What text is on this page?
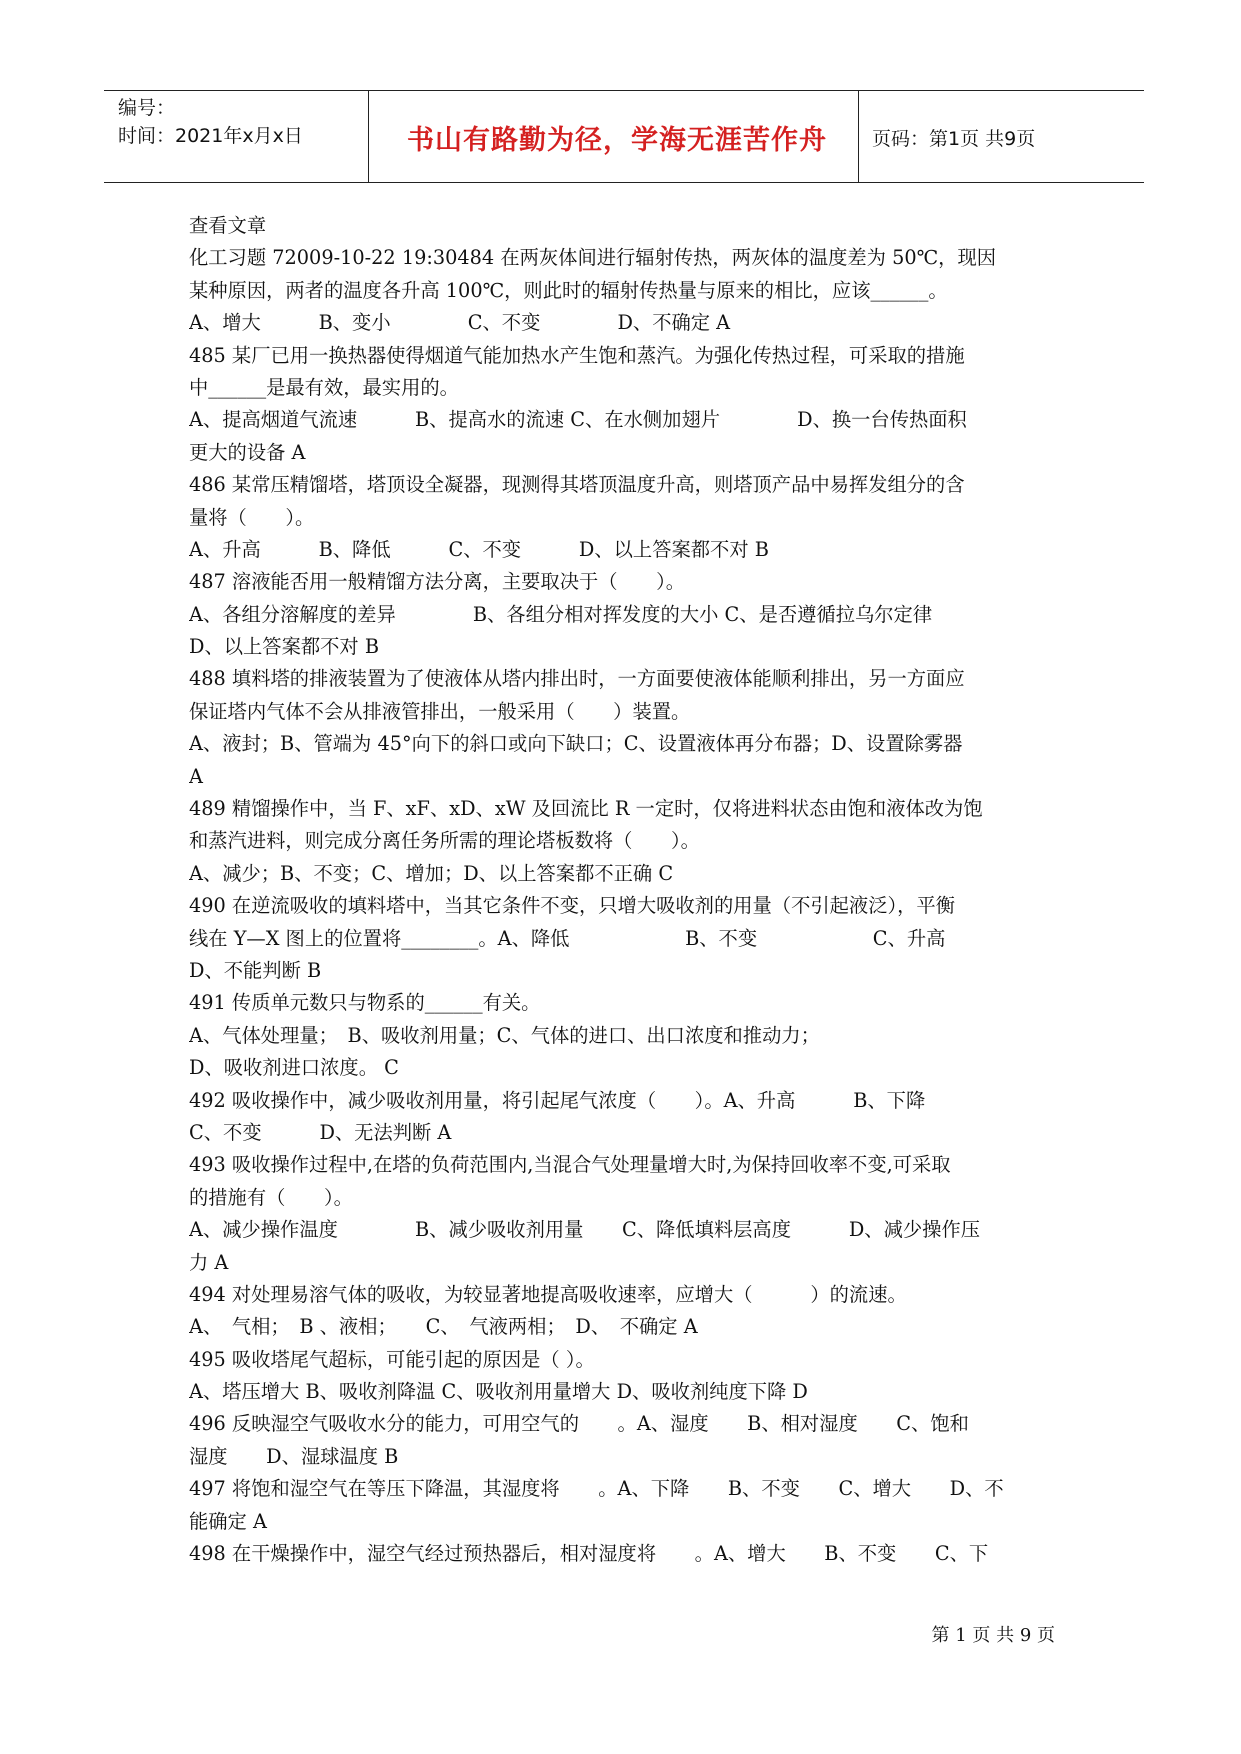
编号：
时间：2021年x月x日	书山有路勤为径，学海无涯苦作舟	页码：第1页 共9页
查看文章
化工习题 72009-10-22 19:30484 在两灰体间进行辐射传热，两灰体的温度差为 50℃，现因
某种原因，两者的温度各升高 100℃，则此时的辐射传热量与原来的相比，应该______。
A、增大　　　B、变小　　　　C、不变　　　　D、不确定 A
485 某厂已用一换热器使得烟道气能加热水产生饱和蒸汽。为强化传热过程，可采取的措施
中______是最有效，最实用的。
A、提高烟道气流速　　　B、提高水的流速 C、在水侧加翅片　　　　D、换一台传热面积
更大的设备 A
486 某常压精馏塔，塔顶设全凝器，现测得其塔顶温度升高，则塔顶产品中易挥发组分的含
量将（　　）。
A、升高　　　B、降低　　　C、不变　　　D、以上答案都不对 B
487 溶液能否用一般精馏方法分离，主要取决于（　　）。
A、各组分溶解度的差异　　　　B、各组分相对挥发度的大小 C、是否遵循拉乌尔定律
D、以上答案都不对 B
488 填料塔的排液装置为了使液体从塔内排出时，一方面要使液体能顺利排出，另一方面应
保证塔内气体不会从排液管排出，一般采用（　　）装置。
A、液封；B、管端为 45°向下的斜口或向下缺口；C、设置液体再分布器；D、设置除雾器
A
489 精馏操作中，当 F、xF、xD、xW 及回流比 R 一定时，仅将进料状态由饱和液体改为饱
和蒸汽进料，则完成分离任务所需的理论塔板数将（　　）。
A、减少；B、不变；C、增加；D、以上答案都不正确 C
490 在逆流吸收的填料塔中，当其它条件不变，只增大吸收剂的用量（不引起液泛），平衡
线在 Y—X 图上的位置将________。A、降低　　　　　　B、不变　　　　　　C、升高
D、不能判断 B
491 传质单元数只与物系的______有关。
A、气体处理量；　B、吸收剂用量；C、气体的进口、出口浓度和推动力；
D、吸收剂进口浓度。 C
492 吸收操作中，减少吸收剂用量，将引起尾气浓度（　　）。A、升高　　　B、下降
C、不变　　　D、无法判断 A
493 吸收操作过程中,在塔的负荷范围内,当混合气处理量增大时,为保持回收率不变,可采取
的措施有（　　）。
A、减少操作温度　　　　B、减少吸收剂用量　　C、降低填料层高度　　　D、减少操作压
力 A
494 对处理易溶气体的吸收，为较显著地提高吸收速率，应增大（　　　）的流速。
A、　气相；　B 、液相；　　C、　气液两相；　D、　不确定 A
495 吸收塔尾气超标，可能引起的原因是（ ）。
A、塔压增大 B、吸收剂降温 C、吸收剂用量增大 D、吸收剂纯度下降 D
496 反映湿空气吸收水分的能力，可用空气的　　。A、湿度　　B、相对湿度　　C、饱和
湿度　　D、湿球温度 B
497 将饱和湿空气在等压下降温，其湿度将　　。A、下降　　B、不变　　C、增大　　D、不
能确定 A
498 在干燥操作中，湿空气经过预热器后，相对湿度将　　。A、增大　　B、不变　　C、下
第 1 页 共 9 页
